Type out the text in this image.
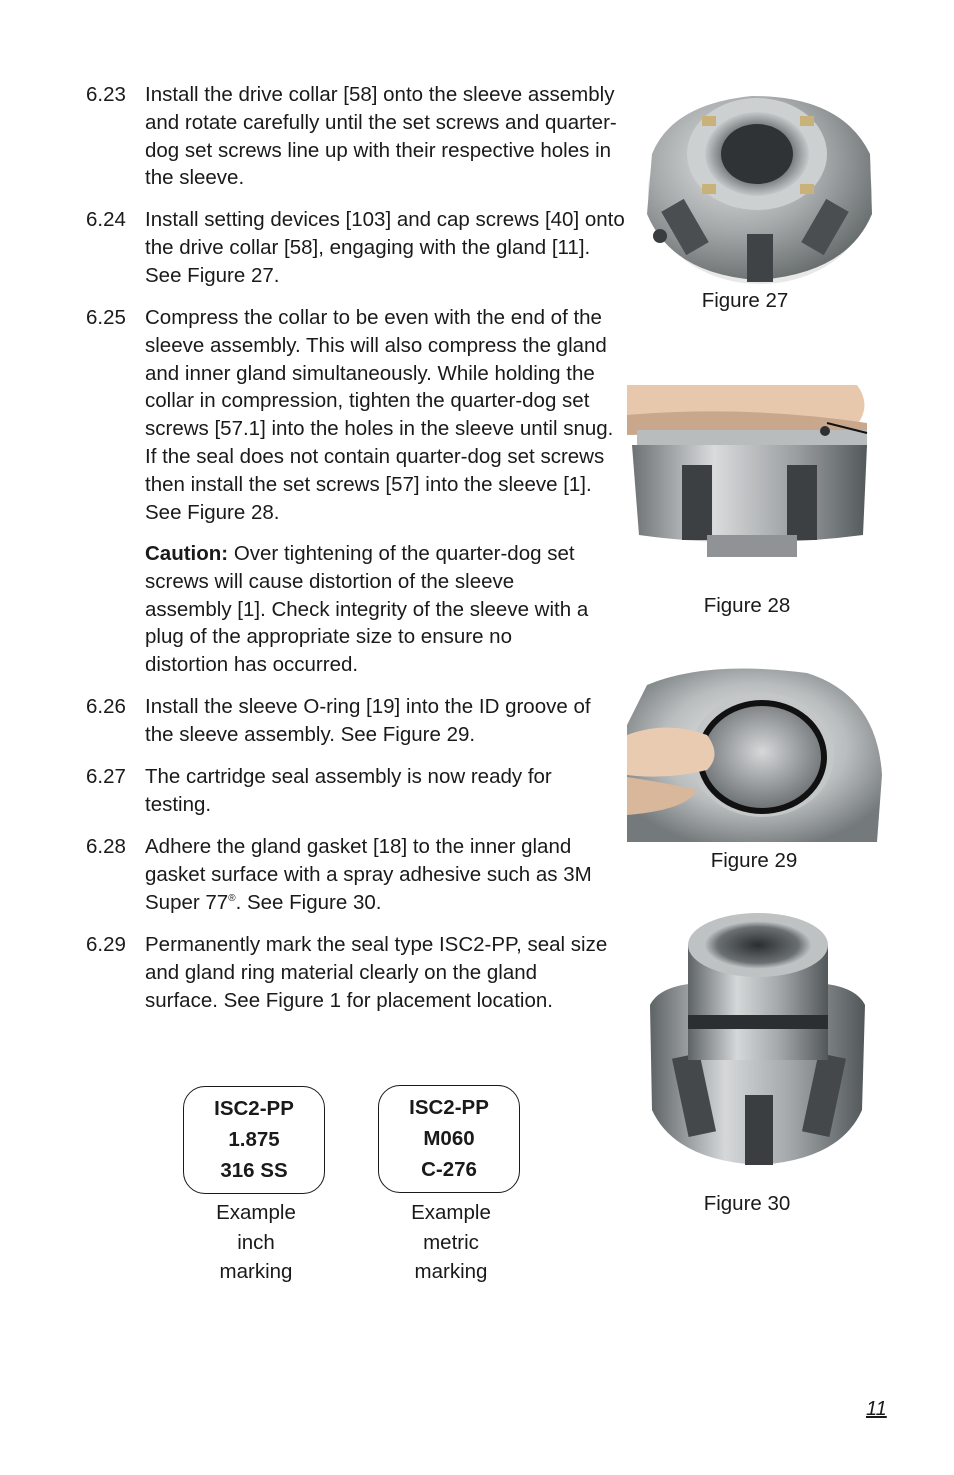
6.23 Install the drive collar [58] onto the sleeve assembly and rotate carefully until the set screws and quarter-dog set screws line up with their respective holes in the sleeve.
6.24 Install setting devices [103] and cap screws [40] onto the drive collar [58], engaging with the gland [11]. See Figure 27.
6.25 Compress the collar to be even with the end of the sleeve assembly. This will also compress the gland and inner gland simultaneously. While holding the collar in compression, tighten the quarter-dog set screws [57.1] into the holes in the sleeve until snug. If the seal does not contain quarter-dog set screws then install the set screws [57] into the sleeve [1]. See Figure 28.
Caution: Over tightening of the quarter-dog set screws will cause distortion of the sleeve assembly [1]. Check integrity of the sleeve with a plug of the appropriate size to ensure no distortion has occurred.
6.26 Install the sleeve O-ring [19] into the ID groove of the sleeve assembly. See Figure 29.
6.27 The cartridge seal assembly is now ready for testing.
6.28 Adhere the gland gasket [18] to the inner gland gasket surface with a spray adhesive such as 3M Super 77®. See Figure 30.
6.29 Permanently mark the seal type ISC2-PP, seal size and gland ring material clearly on the gland surface. See Figure 1 for placement location.
Figure 27
Figure 28
Figure 29
Figure 30
ISC2-PP
1.875
316 SS
Example
inch
marking
ISC2-PP
M060
C-276
Example
metric
marking
11
